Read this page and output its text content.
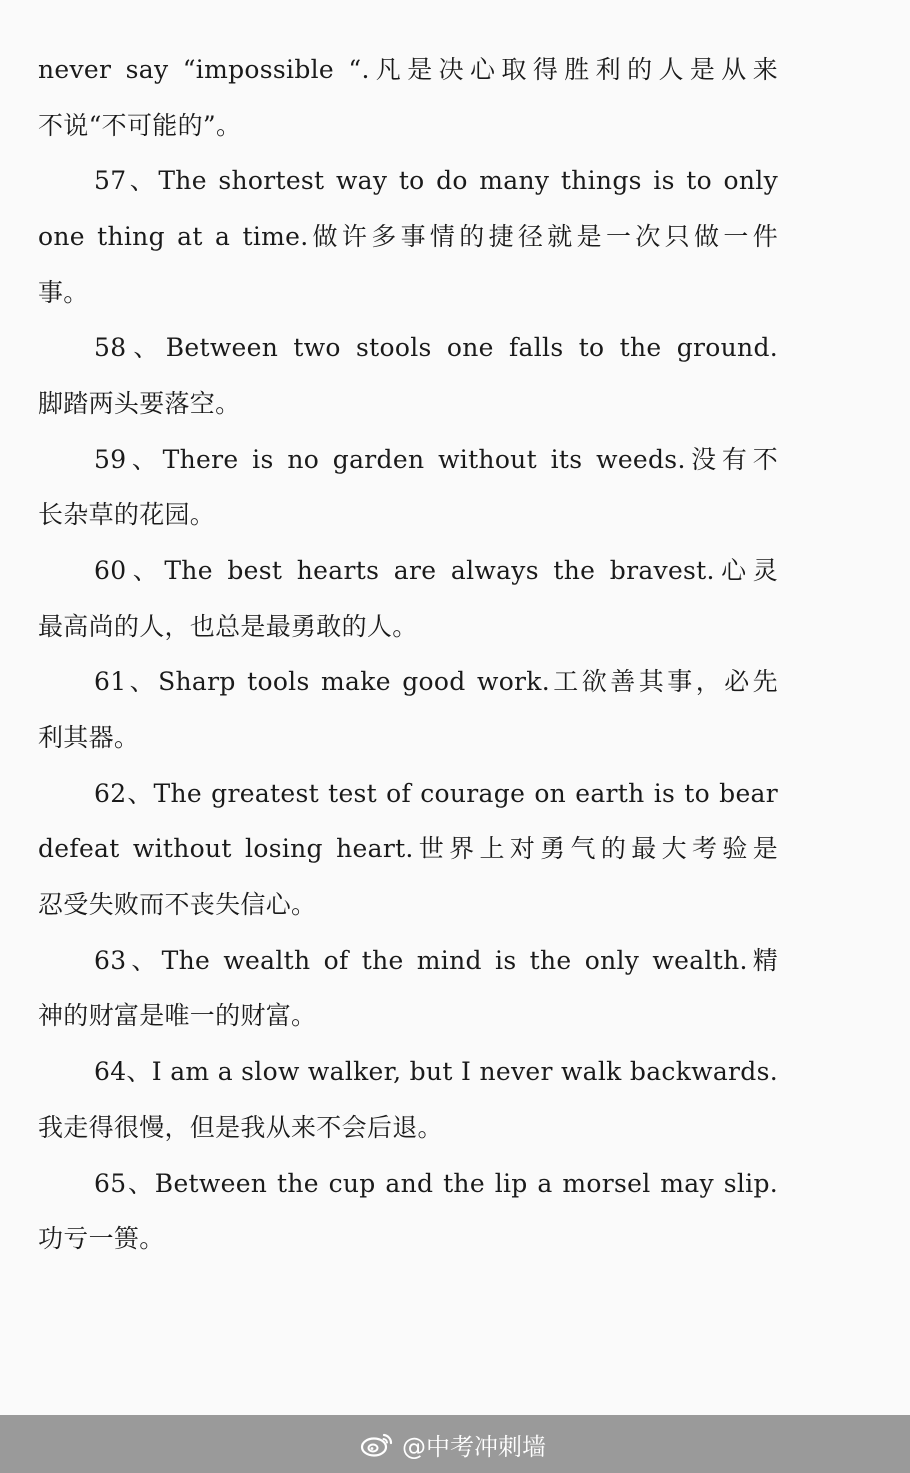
never say “impossible “.凡是决心取得胜利的人是从来
不说“不可能的”。
57、The shortest way to do many things is to only
one thing at a time.做许多事情的捷径就是一次只做一件
事。
58、Between two stools one falls to the ground.
脚踏两头要落空。
59、There is no garden without its weeds.没有不
长杂草的花园。
60、The best hearts are always the bravest.心灵
最高尚的人，也总是最勇敢的人。
61、Sharp tools make good work.工欲善其事，必先
利其器。
62、The greatest test of courage on earth is to bear
defeat without losing heart.世界上对勇气的最大考验是
忍受失败而不丧失信心。
63、The wealth of the mind is the only wealth.精
神的财富是唯一的财富。
64、I am a slow walker, but I never walk backwards.
我走得很慢，但是我从来不会后退。
65、Between the cup and the lip a morsel may slip.
功亏一篑。
@中考冲刺墙
